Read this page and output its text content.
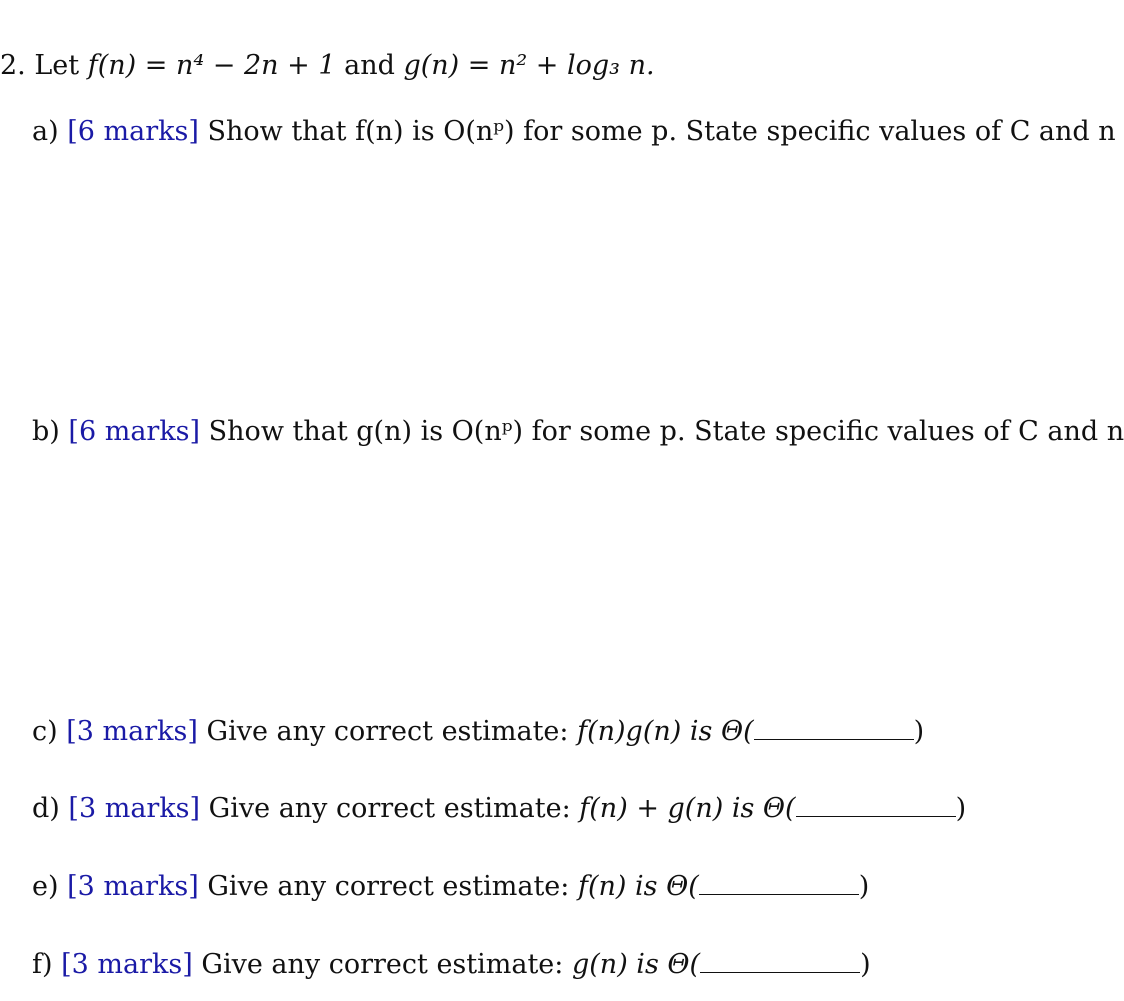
2. Let f(n) = n⁴ − 2n + 1 and g(n) = n² + log₃ n.
a) [6 marks] Show that f(n) is O(nᵖ) for some p. State specific values of C and n
b) [6 marks] Show that g(n) is O(nᵖ) for some p. State specific values of C and n
c) [3 marks] Give any correct estimate: f(n)g(n) is Θ(	)
d) [3 marks] Give any correct estimate: f(n) + g(n) is Θ(	)
e) [3 marks] Give any correct estimate: f(n) is Θ(	)
f) [3 marks] Give any correct estimate: g(n) is Θ(	)
